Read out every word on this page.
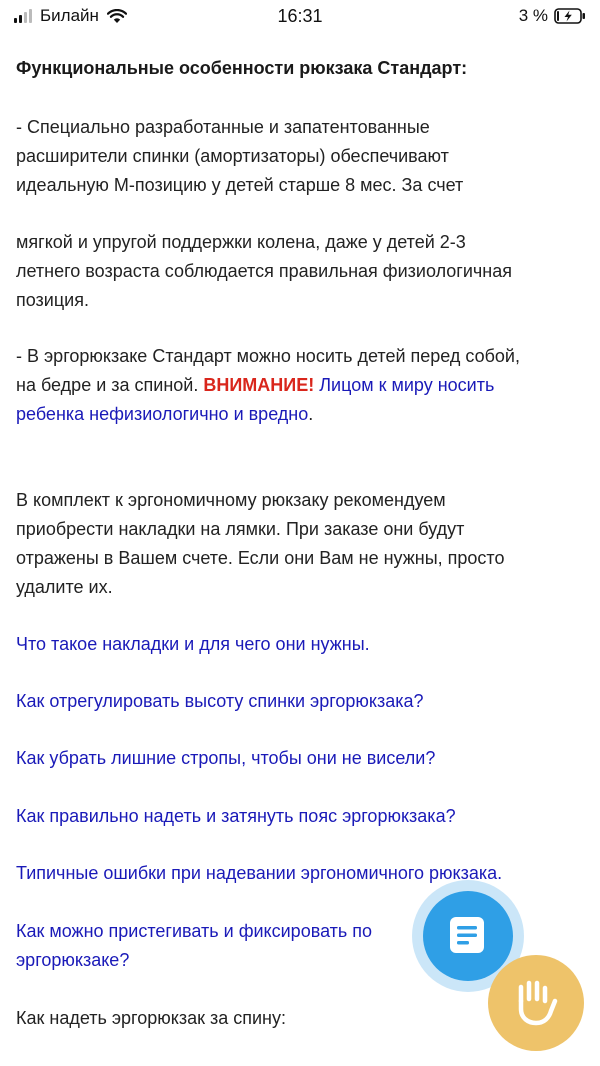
Билайн	16:31	3 %

Функциональные особенности рюкзака Стандарт:

- Специально разработанные и запатентованные

расширители спинки (амортизаторы) обеспечивают

идеальную М-позицию у детей старше 8 мес. За счет

мягкой и упругой поддержки колена, даже у детей 2-3

летнего возраста соблюдается правильная физиологичная

позиция.

- В эргорюкзаке Стандарт можно носить детей перед собой,

на бедре и за спиной. ВНИМАНИЕ! Лицом к миру носить

ребенка нефизиологично и вредно.

В комплект к эргономичному рюкзаку рекомендуем

приобрести накладки на лямки. При заказе они будут

отражены в Вашем счете. Если они Вам не нужны, просто

удалите их.

Что такое накладки и для чего они нужны.
Как отрегулировать высоту спинки эргорюкзака?
Как убрать лишние стропы, чтобы они не висели?
Как правильно надеть и затянуть пояс эргорюкзака?
Типичные ошибки при надевании эргономичного рюкзака.
Как можно пристегивать и фиксировать по
эргорюкзаке?

Как надеть эргорюкзак за спину:
